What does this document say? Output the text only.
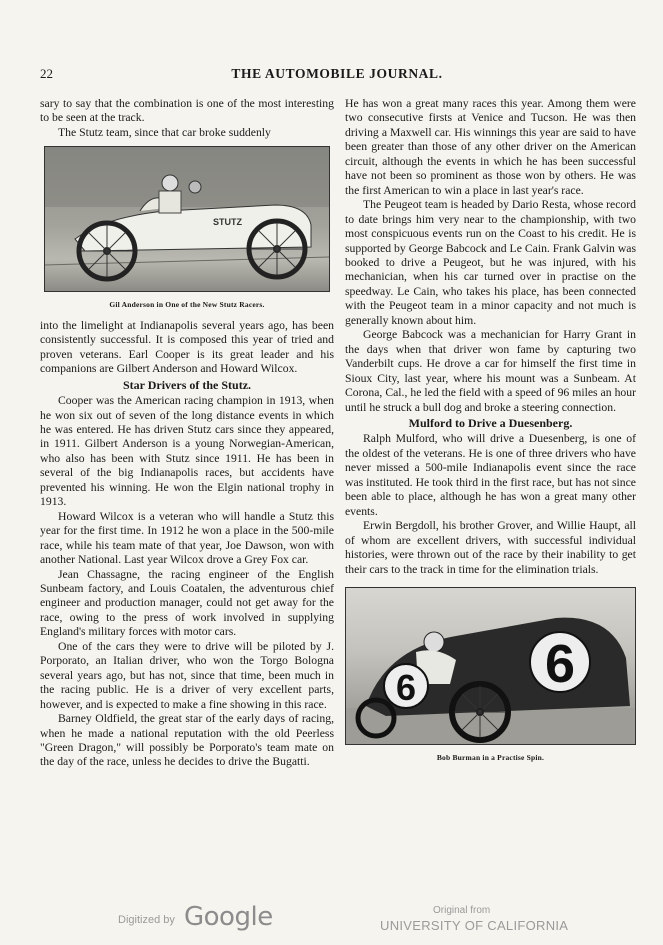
22	THE AUTOMOBILE JOURNAL.

sary to say that the combination is one of the most interesting to be seen at the track.

The Stutz team, since that car broke suddenly

STUTZ
Gil Anderson in One of the New Stutz Racers.

into the limelight at Indianapolis several years ago, has been consistently successful. It is composed this year of tried and proven veterans. Earl Cooper is its great leader and his companions are Gilbert Anderson and Howard Wilcox.

Star Drivers of the Stutz.

Cooper was the American racing champion in 1913, when he won six out of seven of the long distance events in which he was entered. He has driven Stutz cars since they appeared, in 1911. Gilbert Anderson is a young Norwegian-American, who also has been with Stutz since 1911. He has been in several of the big Indianapolis races, but accidents have prevented his winning. He won the Elgin national trophy in 1913.

Howard Wilcox is a veteran who will handle a Stutz this year for the first time. In 1912 he won a place in the 500-mile race, while his team mate of that year, Joe Dawson, won with another National. Last year Wilcox drove a Grey Fox car.

Jean Chassagne, the racing engineer of the English Sunbeam factory, and Louis Coatalen, the adventurous chief engineer and production manager, could not get away for the race, owing to the press of work involved in supplying England's military forces with motor cars.

One of the cars they were to drive will be piloted by J. Porporato, an Italian driver, who won the Torgo Bologna several years ago, but has not, since that time, been much in the racing public. He is a driver of very excellent parts, however, and is expected to make a fine showing in this race.

Barney Oldfield, the great star of the early days of racing, when he made a national reputation with the old Peerless "Green Dragon," will possibly be Porporato's team mate on the day of the race, unless he decides to drive the Bugatti.

He has won a great many races this year. Among them were two consecutive firsts at Venice and Tucson. He was then driving a Maxwell car. His winnings this year are said to have been greater than those of any other driver on the American circuit, although the events in which he has been successful have not been so prominent as those won by others. He was the first American to win a place in last year's race.

The Peugeot team is headed by Dario Resta, whose record to date brings him very near to the championship, with two most conspicuous events run on the Coast to his credit. He is supported by George Babcock and Le Cain. Frank Galvin was booked to drive a Peugeot, but he was injured, with his mechanician, when his car turned over in practise on the speedway. Le Cain, who takes his place, has been connected with the Peugeot team in a minor capacity and not much is generally known about him.

George Babcock was a mechanician for Harry Grant in the days when that driver won fame by capturing two Vanderbilt cups. He drove a car for himself the first time in Sioux City, last year, where his mount was a Sunbeam. At Corona, Cal., he led the field with a speed of 96 miles an hour until he struck a bull dog and broke a steering connection.

Mulford to Drive a Duesenberg.

Ralph Mulford, who will drive a Duesenberg, is one of the oldest of the veterans. He is one of three drivers who have never missed a 500-mile Indianapolis event since the race was instituted. He took third in the first race, but has not since been able to place, although he has won a great many other events.

Erwin Bergdoll, his brother Grover, and Willie Haupt, all of whom are excellent drivers, with successful individual histories, were thrown out of the race by their inability to get their cars to the track in time for the elimination trials.

6 6
Bob Burman in a Practise Spin.
Digitized by Google	Original from
UNIVERSITY OF CALIFORNIA
